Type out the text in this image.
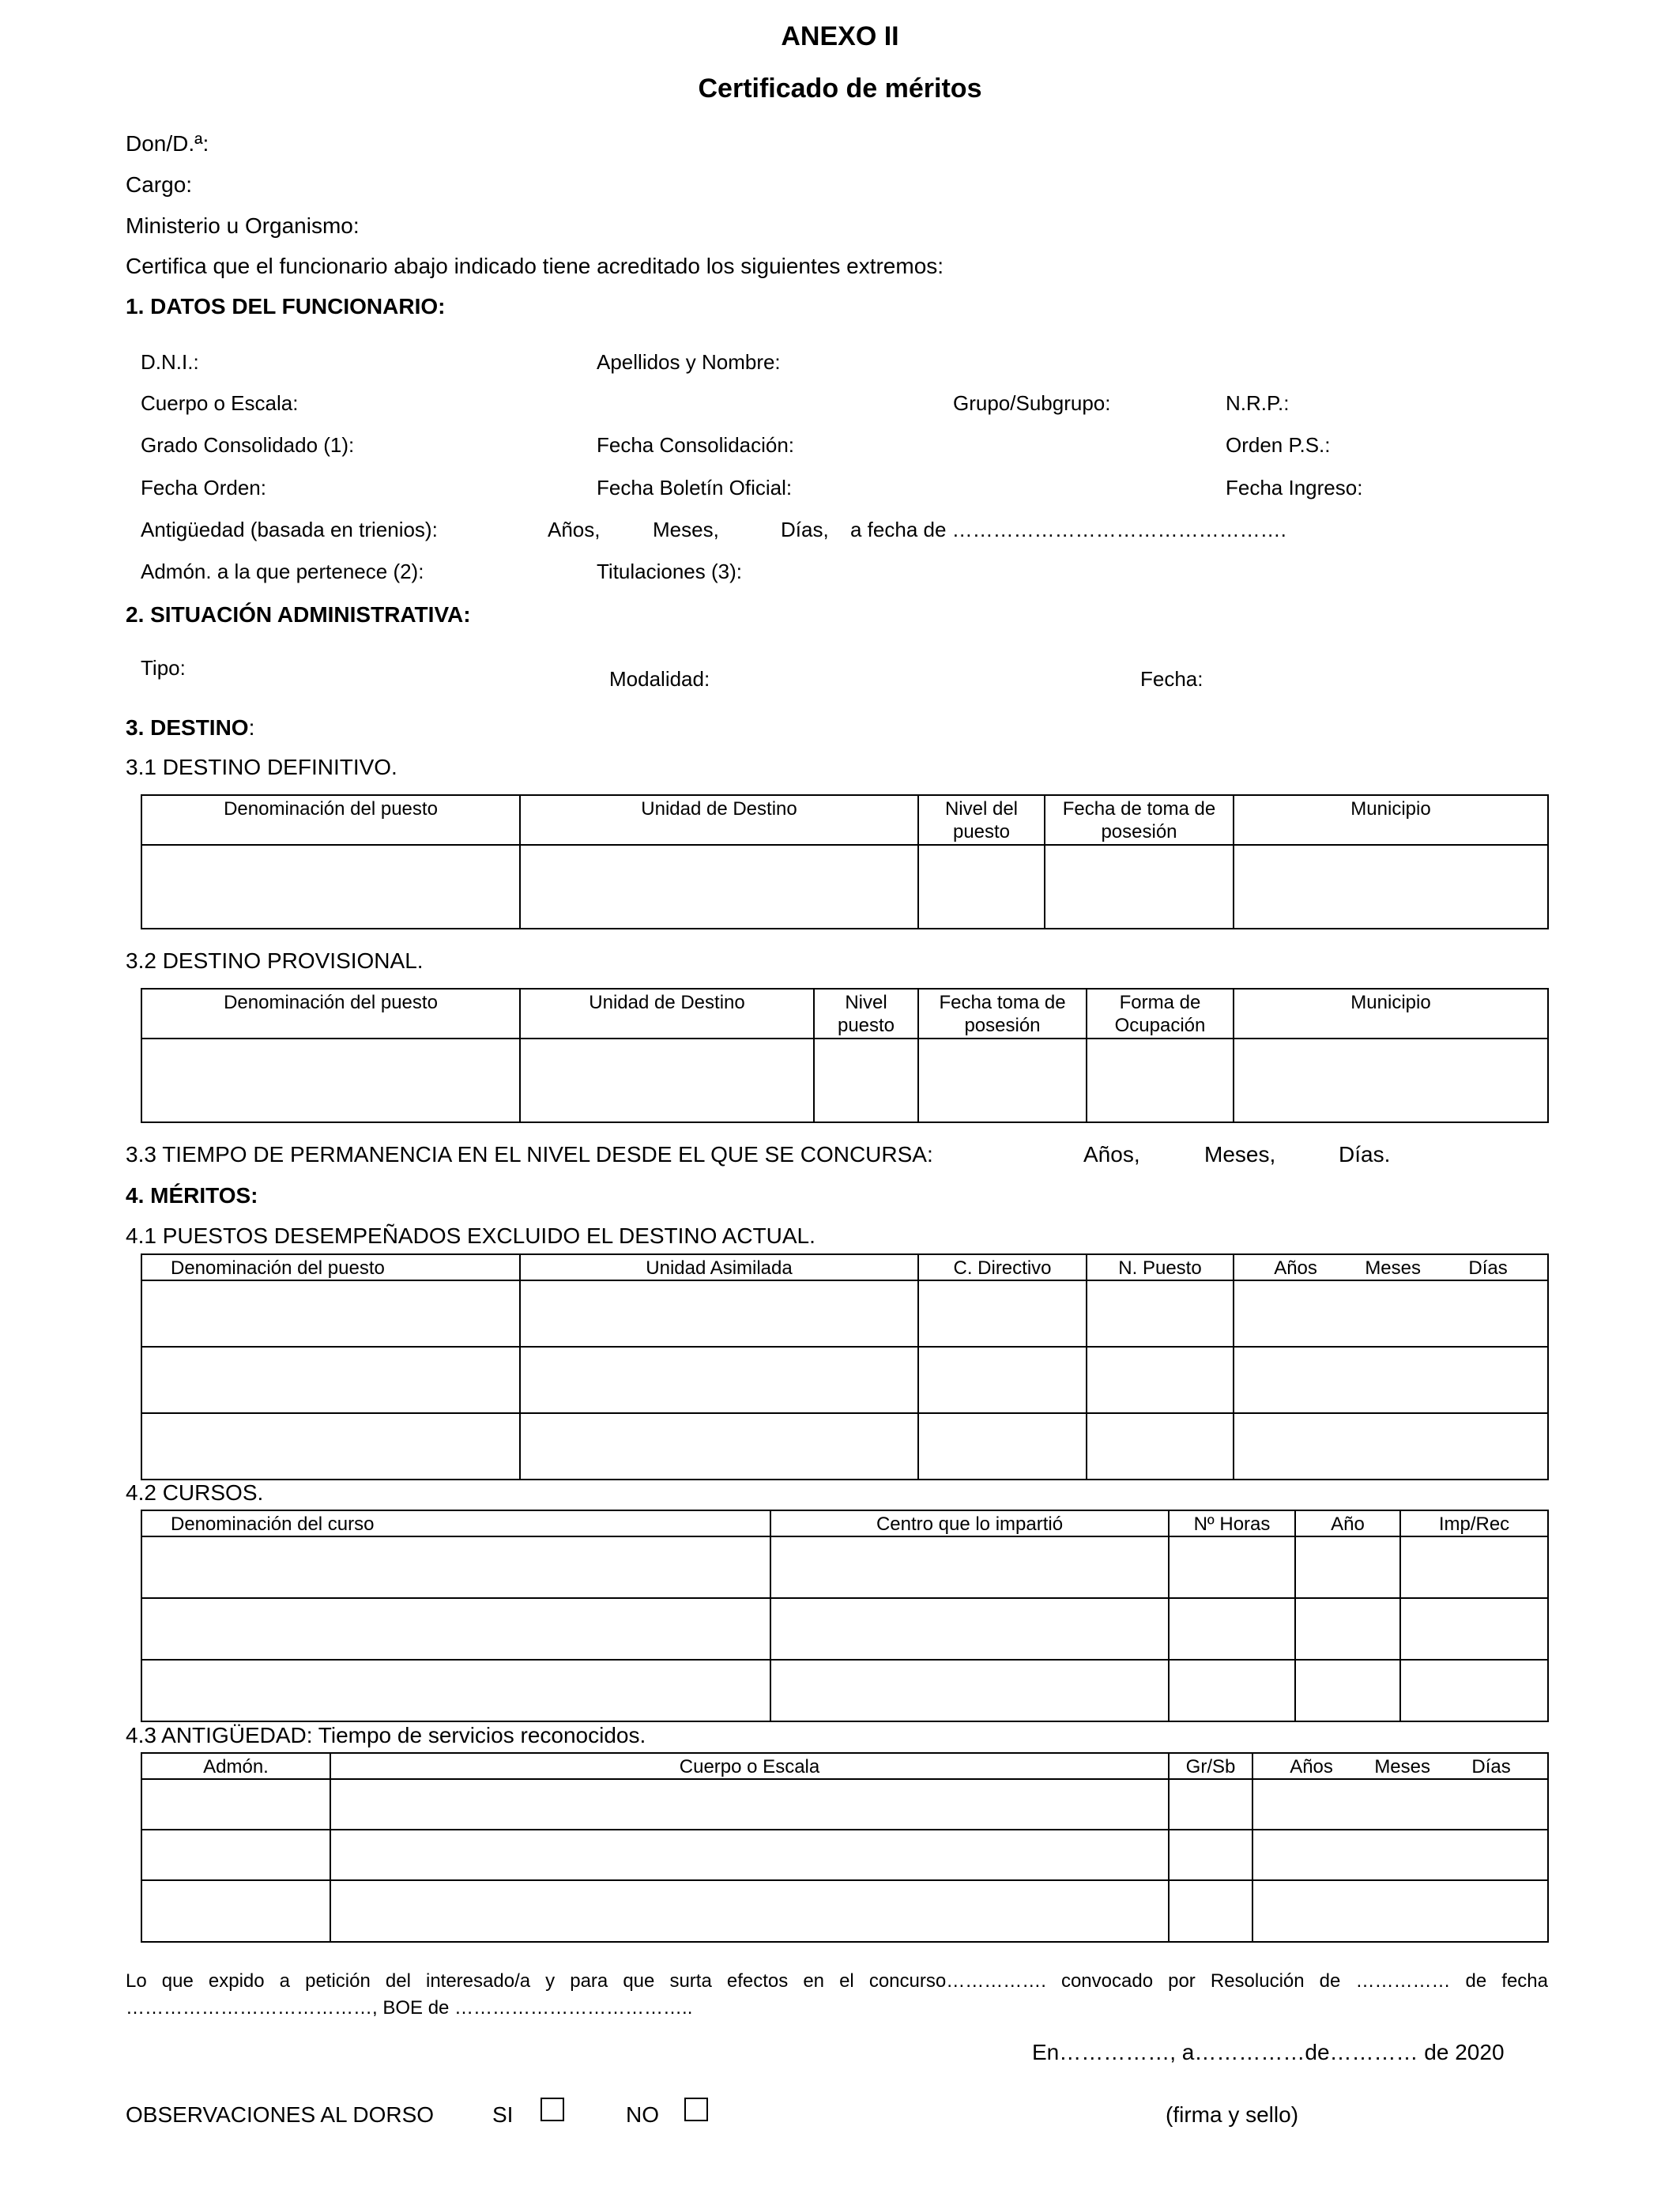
ANEXO II
Certificado de méritos
Don/D.ª:
Cargo:
Ministerio u Organismo:
Certifica que el funcionario abajo indicado tiene acreditado los siguientes extremos:
1. DATOS DEL FUNCIONARIO:
D.N.I.:	Apellidos y Nombre:
Cuerpo o Escala:	Grupo/Subgrupo:	N.R.P.:
Grado Consolidado (1):	Fecha Consolidación:	Orden P.S.:
Fecha Orden:	Fecha Boletín Oficial:	Fecha Ingreso:
Antigüedad (basada en trienios):	Años,	Meses,	Días, a fecha de ………………………………………….
Admón. a la que pertenece (2):	Titulaciones (3):
2. SITUACIÓN ADMINISTRATIVA:
Tipo:	Modalidad:	Fecha:
3. DESTINO:
3.1 DESTINO DEFINITIVO.
Denominación del puesto	Unidad de Destino	Nivel del puesto	Fecha de toma de posesión	Municipio

3.2 DESTINO PROVISIONAL.
Denominación del puesto	Unidad de Destino	Nivel puesto	Fecha toma de posesión	Forma de Ocupación	Municipio

3.3 TIEMPO DE PERMANENCIA EN EL NIVEL DESDE EL QUE SE CONCURSA:	Años,	Meses,	Días.
4. MÉRITOS:
4.1 PUESTOS DESEMPEÑADOS EXCLUIDO EL DESTINO ACTUAL.
Denominación del puesto	Unidad Asimilada	C. Directivo	N. Puesto	Años Meses Días

4.2 CURSOS.
Denominación del curso	Centro que lo impartió	Nº Horas	Año	Imp/Rec

4.3 ANTIGÜEDAD: Tiempo de servicios reconocidos.
Admón.	Cuerpo o Escala	Gr/Sb	Años Meses Días

Lo que expido a petición del interesado/a y para que surta efectos en el concurso……………. convocado por Resolución de …………… de fecha …………………………………, BOE de ………………………………..
En……………, a……………de………… de 2020
OBSERVACIONES AL DORSO	SI	NO	(firma y sello)
